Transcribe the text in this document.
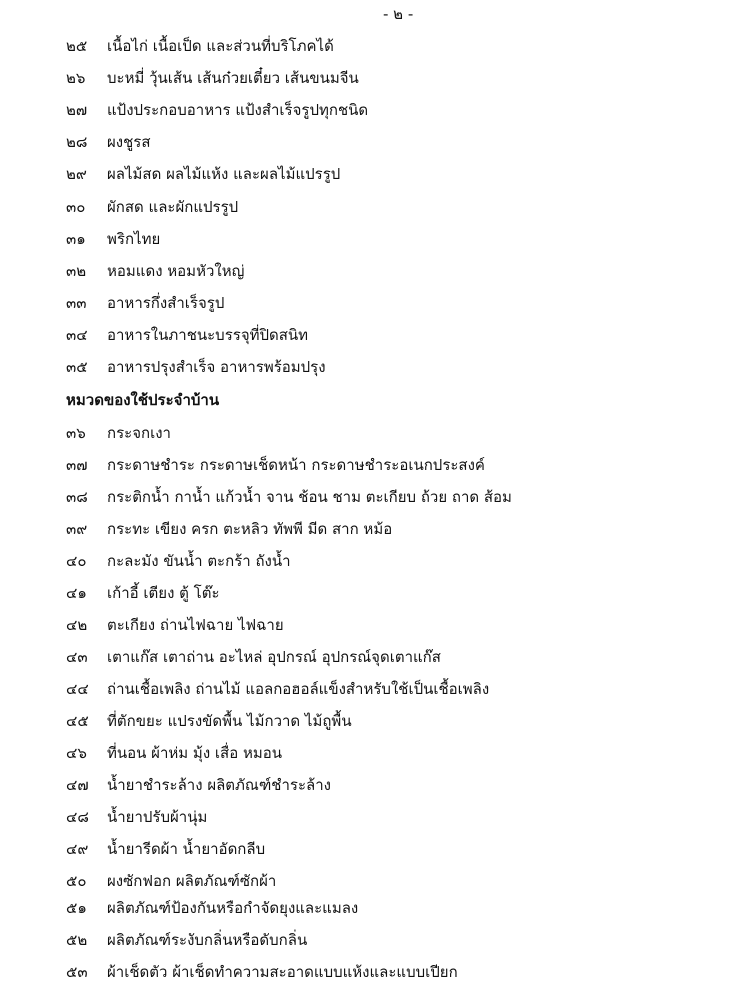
- ๒ -
๒๕	เนื้อไก่ เนื้อเป็ด และส่วนที่บริโภคได้
๒๖	บะหมี่ วุ้นเส้น เส้นก๋วยเตี๋ยว เส้นขนมจีน
๒๗	แป้งประกอบอาหาร แป้งสำเร็จรูปทุกชนิด
๒๘	ผงชูรส
๒๙	ผลไม้สด ผลไม้แห้ง และผลไม้แปรรูป
๓๐	ผักสด และผักแปรรูป
๓๑	พริกไทย
๓๒	หอมแดง หอมหัวใหญ่
๓๓	อาหารกึ่งสำเร็จรูป
๓๔	อาหารในภาชนะบรรจุที่ปิดสนิท
๓๕	อาหารปรุงสำเร็จ อาหารพร้อมปรุง
หมวดของใช้ประจำบ้าน
๓๖	กระจกเงา
๓๗	กระดาษชำระ กระดาษเช็ดหน้า กระดาษชำระอเนกประสงค์
๓๘	กระติกน้ำ กาน้ำ แก้วน้ำ จาน ช้อน ชาม ตะเกียบ ถ้วย ถาด ส้อม
๓๙	กระทะ เขียง ครก ตะหลิว ทัพพี มีด สาก หม้อ
๔๐	กะละมัง ขันน้ำ ตะกร้า ถังน้ำ
๔๑	เก้าอี้ เตียง ตู้ โต๊ะ
๔๒	ตะเกียง ถ่านไฟฉาย ไฟฉาย
๔๓	เตาแก๊ส เตาถ่าน อะไหล่ อุปกรณ์ อุปกรณ์จุดเตาแก๊ส
๔๔	ถ่านเชื้อเพลิง ถ่านไม้ แอลกอฮอล์แข็งสำหรับใช้เป็นเชื้อเพลิง
๔๕	ที่ตักขยะ แปรงขัดพื้น ไม้กวาด ไม้ถูพื้น
๔๖	ที่นอน ผ้าห่ม มุ้ง เสื่อ หมอน
๔๗	น้ำยาชำระล้าง ผลิตภัณฑ์ชำระล้าง
๔๘	น้ำยาปรับผ้านุ่ม
๔๙	น้ำยารีดผ้า น้ำยาอัดกลีบ
๕๐	ผงซักฟอก ผลิตภัณฑ์ซักผ้า
๕๑	ผลิตภัณฑ์ป้องกันหรือกำจัดยุงและแมลง
๕๒	ผลิตภัณฑ์ระงับกลิ่นหรือดับกลิ่น
๕๓	ผ้าเช็ดตัว ผ้าเช็ดทำความสะอาดแบบแห้งและแบบเปียก
